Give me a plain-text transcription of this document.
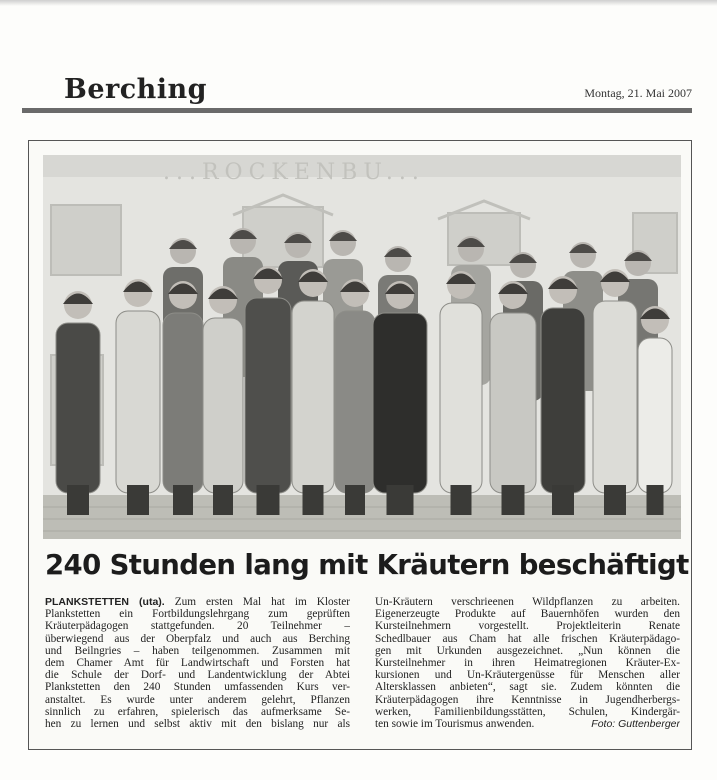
Berching	Montag, 21. Mai 2007
...ROCKENBU...
240 Stunden lang mit Kräutern beschäftigt
PLANKSTETTEN (uta). Zum ersten Mal hat im Kloster
Plankstetten ein Fortbildungslehrgang zum geprüften
Kräuterpädagogen stattgefunden. 20 Teilnehmer –
überwiegend aus der Oberpfalz und auch aus Berching
und Beilngries – haben teilgenommen. Zusammen mit
dem Chamer Amt für Landwirtschaft und Forsten hat
die Schule der Dorf- und Landentwicklung der Abtei
Plankstetten den 240 Stunden umfassenden Kurs ver-
anstaltet. Es wurde unter anderem gelehrt, Pflanzen
sinnlich zu erfahren, spielerisch das aufmerksame Se-
hen zu lernen und selbst aktiv mit den bislang nur als
Un-Kräutern verschrieenen Wildpflanzen zu arbeiten.
Eigenerzeugte Produkte auf Bauernhöfen wurden den
Kursteilnehmern vorgestellt. Projektleiterin Renate
Schedlbauer aus Cham hat alle frischen Kräuterpädago-
gen mit Urkunden ausgezeichnet. „Nun können die
Kursteilnehmer in ihren Heimatregionen Kräuter-Ex-
kursionen und Un-Kräutergenüsse für Menschen aller
Altersklassen anbieten“, sagt sie. Zudem könnten die
Kräuterpädagogen ihre Kenntnisse in Jugendherbergs-
werken, Familienbildungsstätten, Schulen, Kindergär-
ten sowie im Tourismus anwenden.	Foto: Guttenberger
